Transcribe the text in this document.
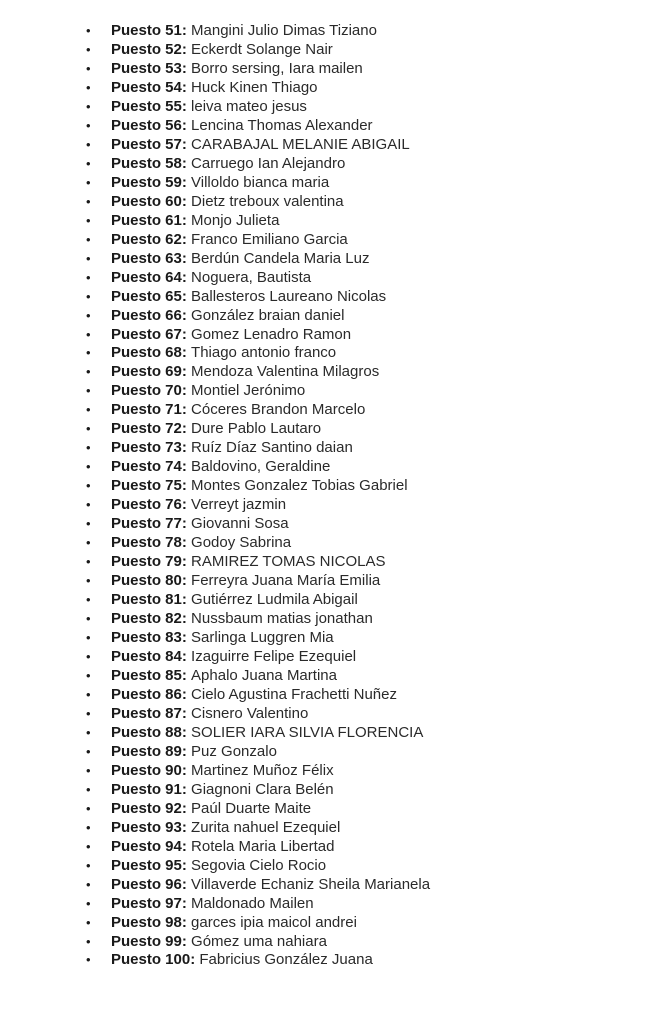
• Puesto 51: Mangini Julio Dimas Tiziano
• Puesto 52: Eckerdt Solange Nair
• Puesto 53: Borro sersing, Iara mailen
• Puesto 54: Huck Kinen Thiago
• Puesto 55: leiva mateo jesus
• Puesto 56: Lencina Thomas Alexander
• Puesto 57: CARABAJAL MELANIE ABIGAIL
• Puesto 58: Carruego Ian Alejandro
• Puesto 59: Villoldo bianca maria
• Puesto 60: Dietz treboux valentina
• Puesto 61: Monjo Julieta
• Puesto 62: Franco Emiliano Garcia
• Puesto 63: Berdún Candela Maria Luz
• Puesto 64: Noguera, Bautista
• Puesto 65: Ballesteros Laureano Nicolas
• Puesto 66: González braian daniel
• Puesto 67: Gomez Lenadro Ramon
• Puesto 68: Thiago antonio franco
• Puesto 69: Mendoza Valentina Milagros
• Puesto 70: Montiel Jerónimo
• Puesto 71: Cóceres Brandon Marcelo
• Puesto 72: Dure Pablo Lautaro
• Puesto 73: Ruíz Díaz Santino daian
• Puesto 74: Baldovino, Geraldine
• Puesto 75: Montes Gonzalez Tobias Gabriel
• Puesto 76: Verreyt jazmin
• Puesto 77: Giovanni Sosa
• Puesto 78: Godoy Sabrina
• Puesto 79: RAMIREZ TOMAS NICOLAS
• Puesto 80: Ferreyra Juana María Emilia
• Puesto 81: Gutiérrez Ludmila Abigail
• Puesto 82: Nussbaum matias jonathan
• Puesto 83: Sarlinga Luggren Mia
• Puesto 84: Izaguirre Felipe Ezequiel
• Puesto 85: Aphalo Juana Martina
• Puesto 86: Cielo Agustina Frachetti Nuñez
• Puesto 87: Cisnero Valentino
• Puesto 88: SOLIER IARA SILVIA FLORENCIA
• Puesto 89: Puz Gonzalo
• Puesto 90: Martinez Muñoz Félix
• Puesto 91: Giagnoni Clara Belén
• Puesto 92: Paúl Duarte Maite
• Puesto 93: Zurita nahuel Ezequiel
• Puesto 94: Rotela Maria Libertad
• Puesto 95: Segovia Cielo Rocio
• Puesto 96: Villaverde Echaniz Sheila Marianela
• Puesto 97: Maldonado Mailen
• Puesto 98: garces ipia maicol andrei
• Puesto 99: Gómez uma nahiara
• Puesto 100: Fabricius González Juana
